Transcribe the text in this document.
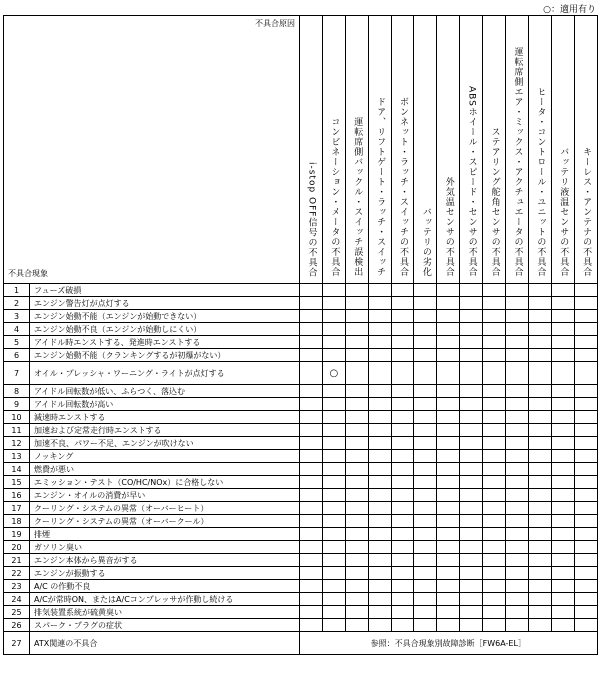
○：適用有り
不具合原因
不具合現象		i-stop OFF信号の不具合	コンビネーション・メータの不具合	運転席側バックル・スイッチ誤検出	ドア、リフトゲート・ラッチ・スイッチ	ボンネット・ラッチ・スイッチの不具合	バッテリの劣化	外気温センサの不具合	ABSホイール・スピード・センサの不具合	ステアリング舵角センサの不具合	運転席側エア・ミックス・アクチュエータの不具合	ヒータ・コントロール・ユニットの不具合	バッテリ液温センサの不具合	キーレス・アンテナの不具合
1	フューズ破損													
2	エンジン警告灯が点灯する													
3	エンジン始動不能（エンジンが始動できない）													
4	エンジン始動不良（エンジンが始動しにくい）													
5	アイドル時エンストする、発進時エンストする													
6	エンジン始動不能（クランキングするが初爆がない）													
7	オイル・プレッシャ・ワーニング・ライトが点灯する		○											
8	アイドル回転数が低い、ふらつく、落込む													
9	アイドル回転数が高い													
10	減速時エンストする													
11	加速および定常走行時エンストする													
12	加速不良、パワー不足、エンジンが吹けない													
13	ノッキング													
14	燃費が悪い													
15	エミッション・テスト（CO/HC/NOx）に合格しない													
16	エンジン・オイルの消費が早い													
17	クーリング・システムの異常（オーバーヒート）													
18	クーリング・システムの異常（オーバークール）													
19	排煙													
20	ガソリン臭い													
21	エンジン本体から異音がする													
22	エンジンが振動する													
23	A/C の作動不良													
24	A/Cが常時ON、またはA/Cコンプレッサが作動し続ける													
25	排気装置系統が硫黄臭い													
26	スパーク・プラグの症状													
27	ATX関連の不具合	参照：不具合現象別故障診断［FW6A-EL］												
